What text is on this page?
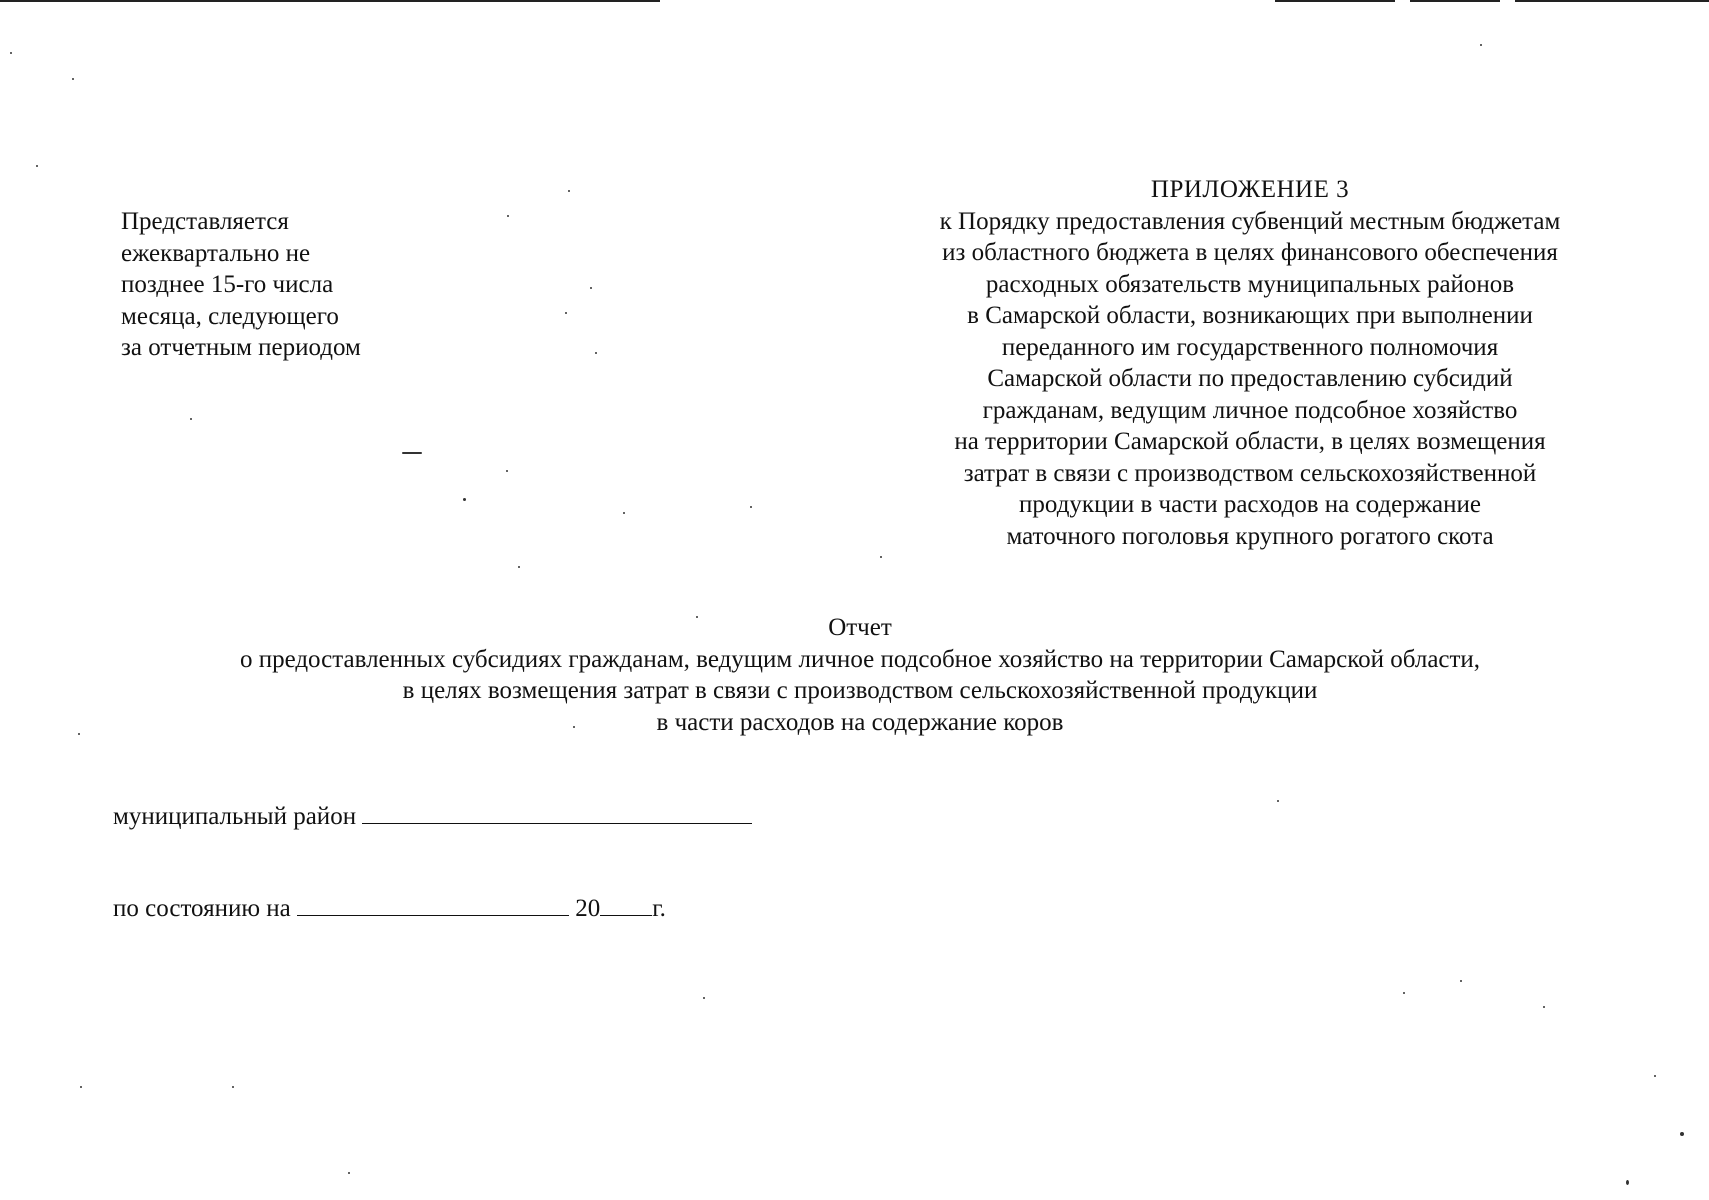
Представляется
ежеквартально не
позднее 15-го числа
месяца, следующего
за отчетным периодом
ПРИЛОЖЕНИЕ 3
к Порядку предоставления субвенций местным бюджетам
из областного бюджета в целях финансового обеспечения
расходных обязательств муниципальных районов
в Самарской области, возникающих при выполнении
переданного им государственного полномочия
Самарской области по предоставлению субсидий
гражданам, ведущим личное подсобное хозяйство
на территории Самарской области, в целях возмещения
затрат в связи с производством сельскохозяйственной
продукции в части расходов на содержание
маточного поголовья крупного рогатого скота
Отчет
о предоставленных субсидиях гражданам, ведущим личное подсобное хозяйство на территории Самарской области,
в целях возмещения затрат в связи с производством сельскохозяйственной продукции
в части расходов на содержание коров
муниципальный район
по состоянию на	20 г.
